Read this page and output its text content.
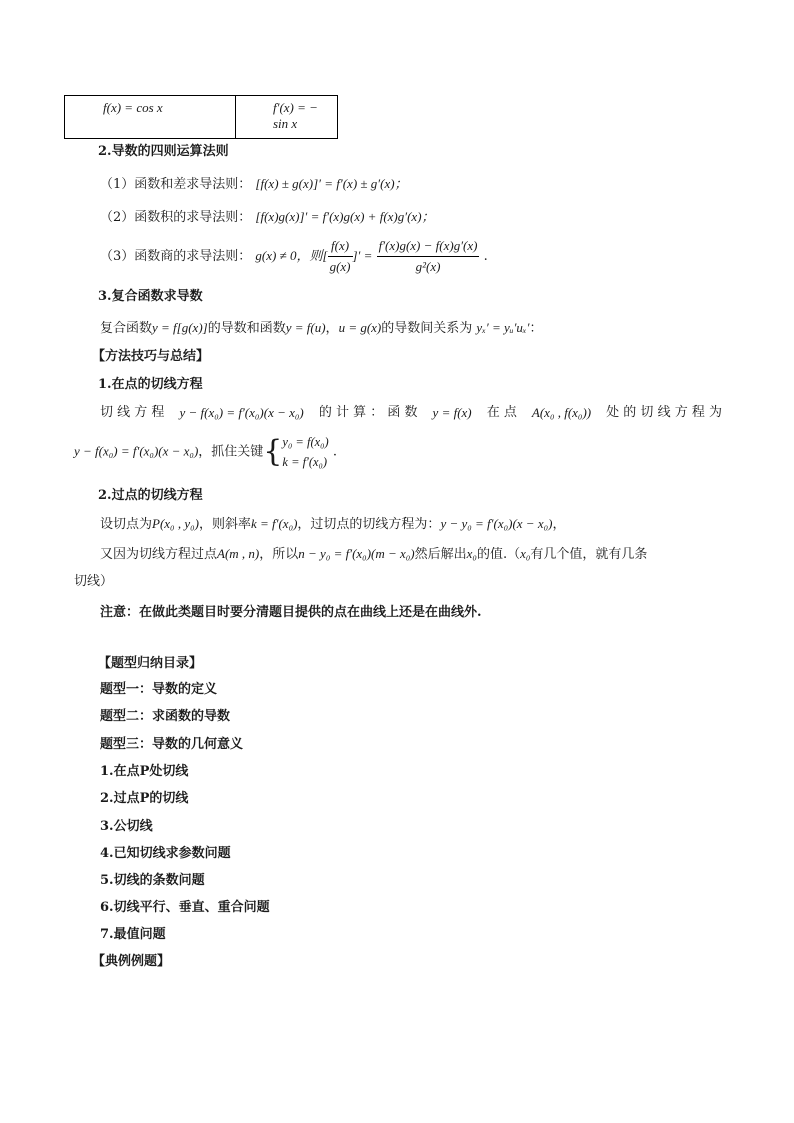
f(x) = cos x	f′(x) = − sin x
2.导数的四则运算法则
（1）函数和差求导法则： [f(x) ± g(x)]′ = f′(x) ± g′(x)；
（2）函数积的求导法则： [f(x)g(x)]′ = f′(x)g(x) + f(x)g′(x)；
（3）函数商的求导法则： g(x) ≠ 0，则[ $\frac{f(x)}{g(x)}$ ]′ = $\frac{f'(x)g(x) - f(x)g'(x)}{\text{g²(x)}}$ .
3.复合函数求导数
复合函数y = f[g(x)]的导数和函数y = f(u)，u = g(x)的导数间关系为 yₓ′ = yᵤ′uₓ′：
【方法技巧与总结】
1.在点的切线方程
切 线 方 程 y − f(x₀) = f′(x₀)(x − x₀) 的 计 算 ： 函 数 y = f(x) 在 点 A(x₀ , f(x₀)) 处 的 切 线 方 程 为
y − f(x₀) = f′(x₀)(x − x₀)，抓住关键{ y₀ = f(x₀)
k = f′(x₀)
.
2.过点的切线方程
设切点为P(x₀ , y₀)，则斜率k = f′(x₀)，过切点的切线方程为：y − y₀ = f′(x₀)(x − x₀)，
又因为切线方程过点A(m , n)，所以n − y₀ = f′(x₀)(m − x₀)然后解出x₀的值.（x₀有几个值，就有几条
切线）
注意：在做此类题目时要分清题目提供的点在曲线上还是在曲线外.
【题型归纳目录】
题型一：导数的定义
题型二：求函数的导数
题型三：导数的几何意义
1.在点P处切线
2.过点P的切线
3.公切线
4.已知切线求参数问题
5.切线的条数问题
6.切线平行、垂直、重合问题
7.最值问题
【典例例题】
